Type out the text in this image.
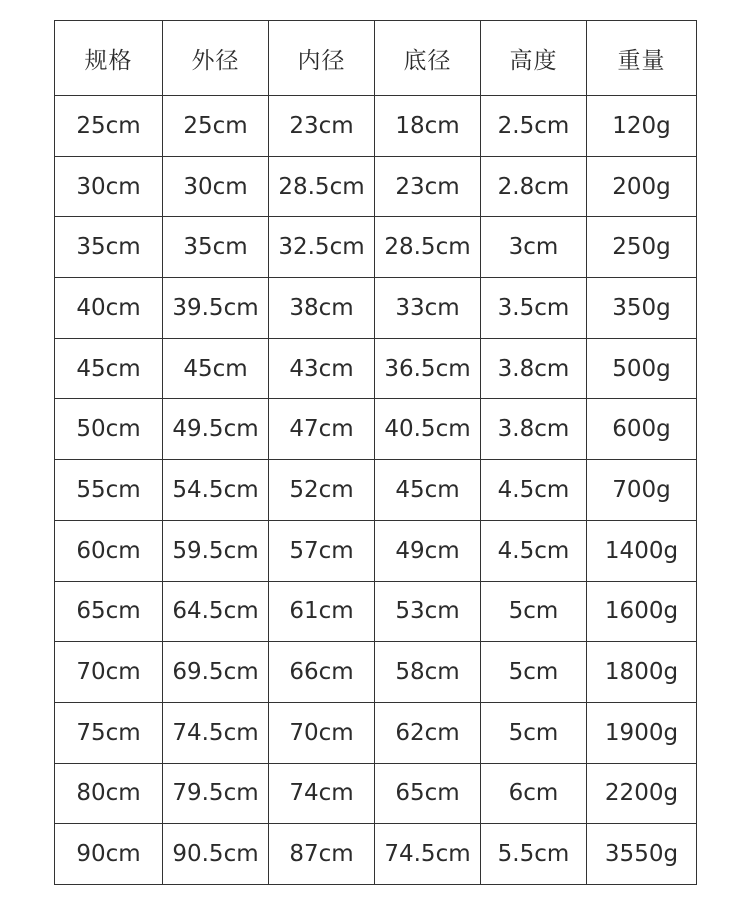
规格	外径	内径	底径	高度	重量
25cm	25cm	23cm	18cm	2.5cm	120g
30cm	30cm	28.5cm	23cm	2.8cm	200g
35cm	35cm	32.5cm	28.5cm	3cm	250g
40cm	39.5cm	38cm	33cm	3.5cm	350g
45cm	45cm	43cm	36.5cm	3.8cm	500g
50cm	49.5cm	47cm	40.5cm	3.8cm	600g
55cm	54.5cm	52cm	45cm	4.5cm	700g
60cm	59.5cm	57cm	49cm	4.5cm	1400g
65cm	64.5cm	61cm	53cm	5cm	1600g
70cm	69.5cm	66cm	58cm	5cm	1800g
75cm	74.5cm	70cm	62cm	5cm	1900g
80cm	79.5cm	74cm	65cm	6cm	2200g
90cm	90.5cm	87cm	74.5cm	5.5cm	3550g
